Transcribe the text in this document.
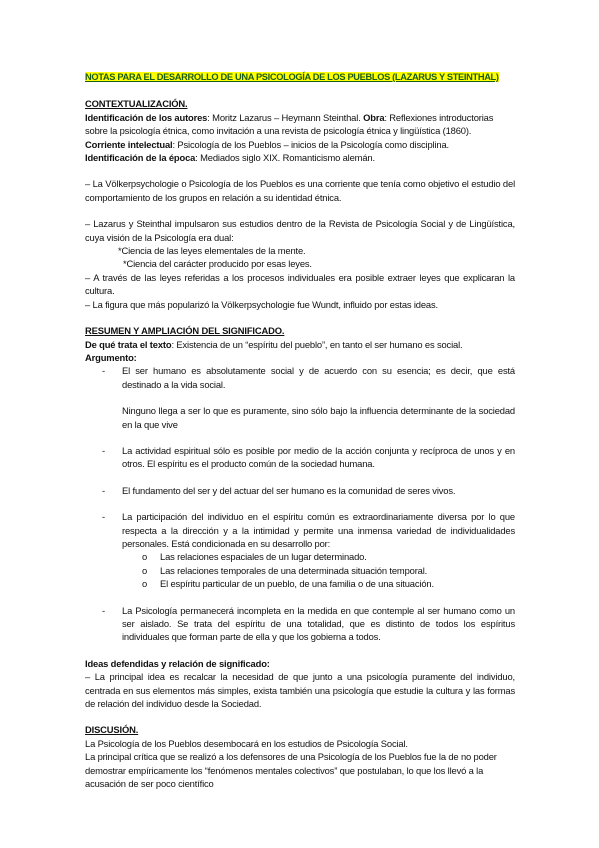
NOTAS PARA EL DESARROLLO DE UNA PSICOLOGÍA DE LOS PUEBLOS (LAZARUS Y STEINTHAL)

CONTEXTUALIZACIÓN.

Identificación de los autores: Moritz Lazarus – Heymann Steinthal. Obra: Reflexiones introductorias sobre la psicología étnica, como invitación a una revista de psicología étnica y lingüística (1860).

Corriente intelectual: Psicología de los Pueblos – inicios de la Psicología como disciplina.

Identificación de la época: Mediados siglo XIX. Romanticismo alemán.

– La Völkerpsychologie o Psicología de los Pueblos es una corriente que tenía como objetivo el estudio del comportamiento de los grupos en relación a su identidad étnica.

– Lazarus y Steinthal impulsaron sus estudios dentro de la Revista de Psicología Social y de Lingüística, cuya visión de la Psicología era dual:

*Ciencia de las leyes elementales de la mente.

*Ciencia del carácter producido por esas leyes.

– A través de las leyes referidas a los procesos individuales era posible extraer leyes que explicaran la cultura.

– La figura que más popularizó la Völkerpsychologie fue Wundt, influido por estas ideas.

RESUMEN Y AMPLIACIÓN DEL SIGNIFICADO.

De qué trata el texto: Existencia de un “espíritu del pueblo”, en tanto el ser humano es social.

Argumento:

- El ser humano es absolutamente social y de acuerdo con su esencia; es decir, que está destinado a la vida social.

Ninguno llega a ser lo que es puramente, sino sólo bajo la influencia determinante de la sociedad en la que vive

- La actividad espiritual sólo es posible por medio de la acción conjunta y recíproca de unos y en otros. El espíritu es el producto común de la sociedad humana.

- El fundamento del ser y del actuar del ser humano es la comunidad de seres vivos.

- La participación del individuo en el espíritu común es extraordinariamente diversa por lo que respecta a la dirección y a la intimidad y permite una inmensa variedad de individualidades personales. Está condicionada en su desarrollo por:

o Las relaciones espaciales de un lugar determinado.

o Las relaciones temporales de una determinada situación temporal.

o El espíritu particular de un pueblo, de una familia o de una situación.

- La Psicología permanecerá incompleta en la medida en que contemple al ser humano como un ser aislado. Se trata del espíritu de una totalidad, que es distinto de todos los espíritus individuales que forman parte de ella y que los gobierna a todos.

Ideas defendidas y relación de significado:

– La principal idea es recalcar la necesidad de que junto a una psicología puramente del individuo, centrada en sus elementos más simples, exista también una psicología que estudie la cultura y las formas de relación del individuo desde la Sociedad.

DISCUSIÓN.

La Psicología de los Pueblos desembocará en los estudios de Psicología Social.

La principal crítica que se realizó a los defensores de una Psicología de los Pueblos fue la de no poder demostrar empíricamente los “fenómenos mentales colectivos” que postulaban, lo que los llevó a la acusación de ser poco científico
